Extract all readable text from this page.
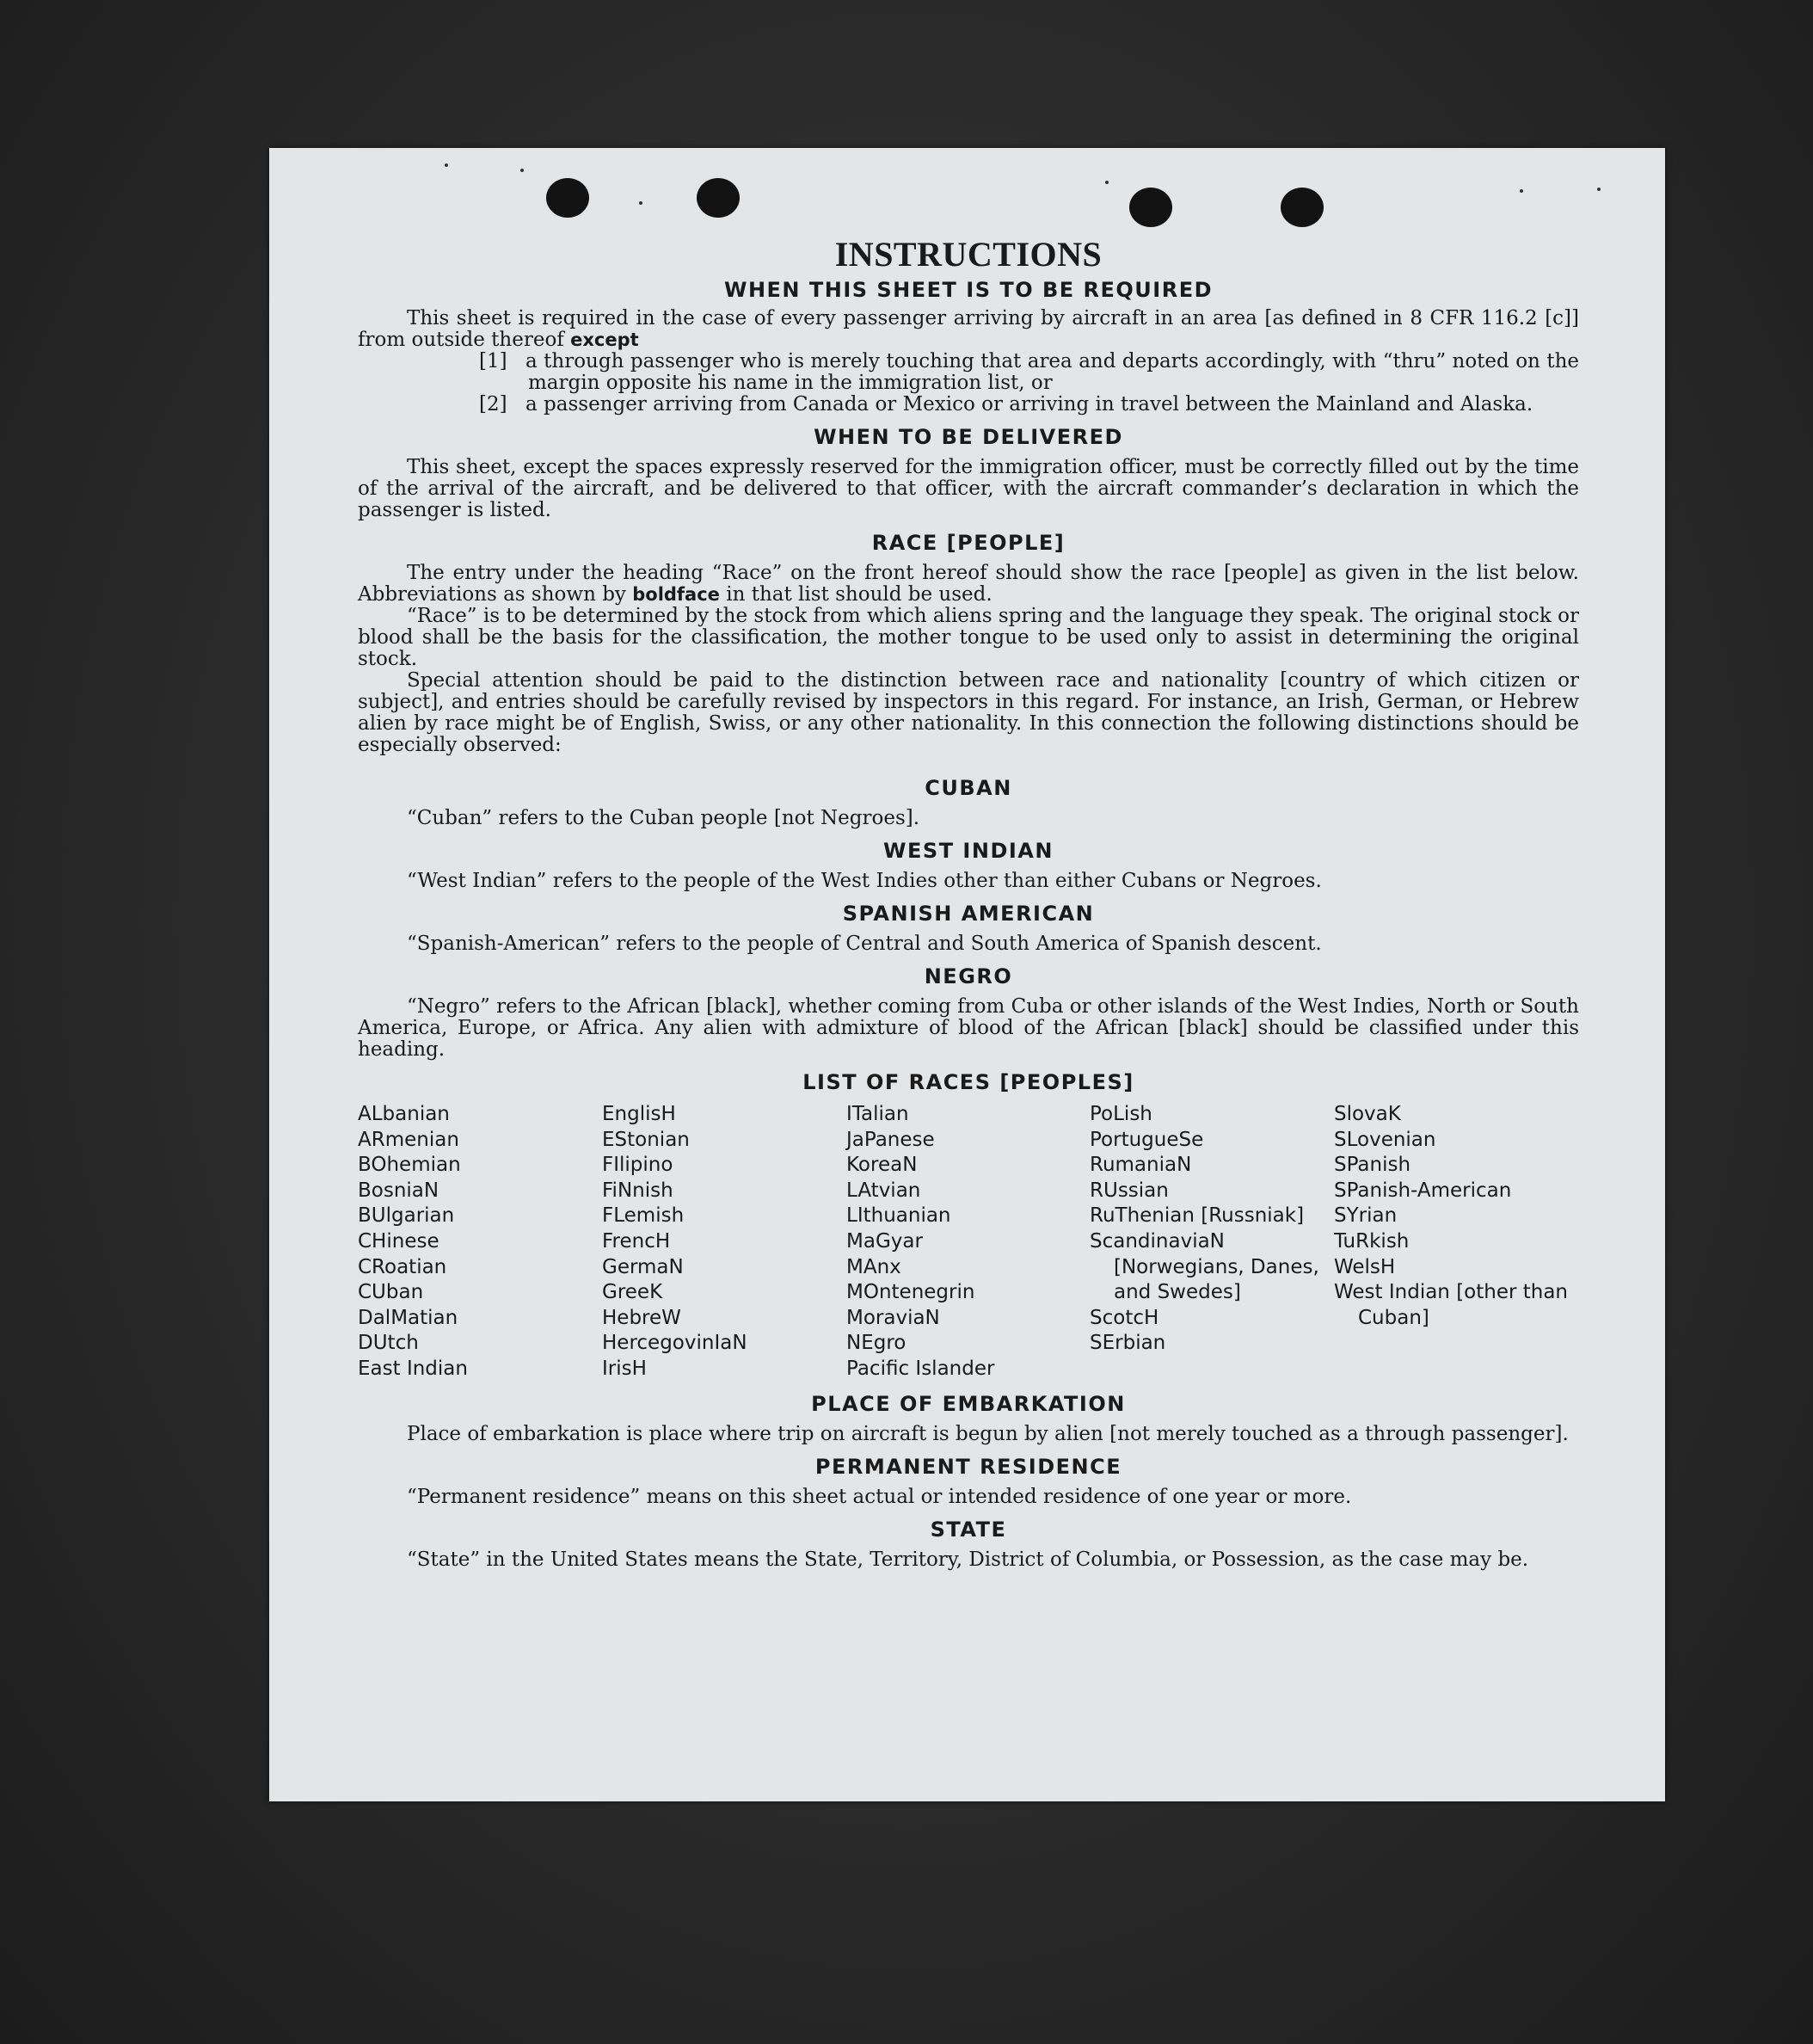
INSTRUCTIONS
WHEN THIS SHEET IS TO BE REQUIRED

This sheet is required in the case of every passenger arriving by aircraft in an area [as defined in 8 CFR 116.2 [c]] from outside thereof except

[1] a through passenger who is merely touching that area and departs accordingly, with “thru” noted on the margin opposite his name in the immigration list, or

[2] a passenger arriving from Canada or Mexico or arriving in travel between the Mainland and Alaska.

WHEN TO BE DELIVERED

This sheet, except the spaces expressly reserved for the immigration officer, must be correctly filled out by the time of the arrival of the aircraft, and be delivered to that officer, with the aircraft commander’s declaration in which the passenger is listed.

RACE [PEOPLE]

The entry under the heading “Race” on the front hereof should show the race [people] as given in the list below. Abbreviations as shown by boldface in that list should be used.

“Race” is to be determined by the stock from which aliens spring and the language they speak. The original stock or blood shall be the basis for the classification, the mother tongue to be used only to assist in determining the original stock.

Special attention should be paid to the distinction between race and nationality [country of which citizen or subject], and entries should be carefully revised by inspectors in this regard. For instance, an Irish, German, or Hebrew alien by race might be of English, Swiss, or any other nationality. In this connection the following distinctions should be especially observed:

CUBAN

“Cuban” refers to the Cuban people [not Negroes].

WEST INDIAN

“West Indian” refers to the people of the West Indies other than either Cubans or Negroes.

SPANISH AMERICAN

“Spanish-American” refers to the people of Central and South America of Spanish descent.

NEGRO

“Negro” refers to the African [black], whether coming from Cuba or other islands of the West Indies, North or South America, Europe, or Africa. Any alien with admixture of blood of the African [black] should be classified under this heading.

LIST OF RACES [PEOPLES]
ALbanian
ARmenian
BOhemian
BosniaN
BUlgarian
CHinese
CRoatian
CUban
DalMatian
DUtch
East Indian
EnglisH
EStonian
FIlipino
FiNnish
FLemish
FrencH
GermaN
GreeK
HebreW
HercegovinIaN
IrisH
ITalian
JaPanese
KoreaN
LAtvian
LIthuanian
MaGyar
MAnx
MOntenegrin
MoraviaN
NEgro
Pacific Islander
PoLish
PortugueSe
RumaniaN
RUssian
RuThenian [Russniak]
ScandinaviaN [Norwegians, Danes, and Swedes]
ScotcH
SErbian
SlovaK
SLovenian
SPanish
SPanish-American
SYrian
TuRkish
WelsH
West Indian [other than Cuban]
PLACE OF EMBARKATION

Place of embarkation is place where trip on aircraft is begun by alien [not merely touched as a through passenger].

PERMANENT RESIDENCE

“Permanent residence” means on this sheet actual or intended residence of one year or more.

STATE

“State” in the United States means the State, Territory, District of Columbia, or Possession, as the case may be.
